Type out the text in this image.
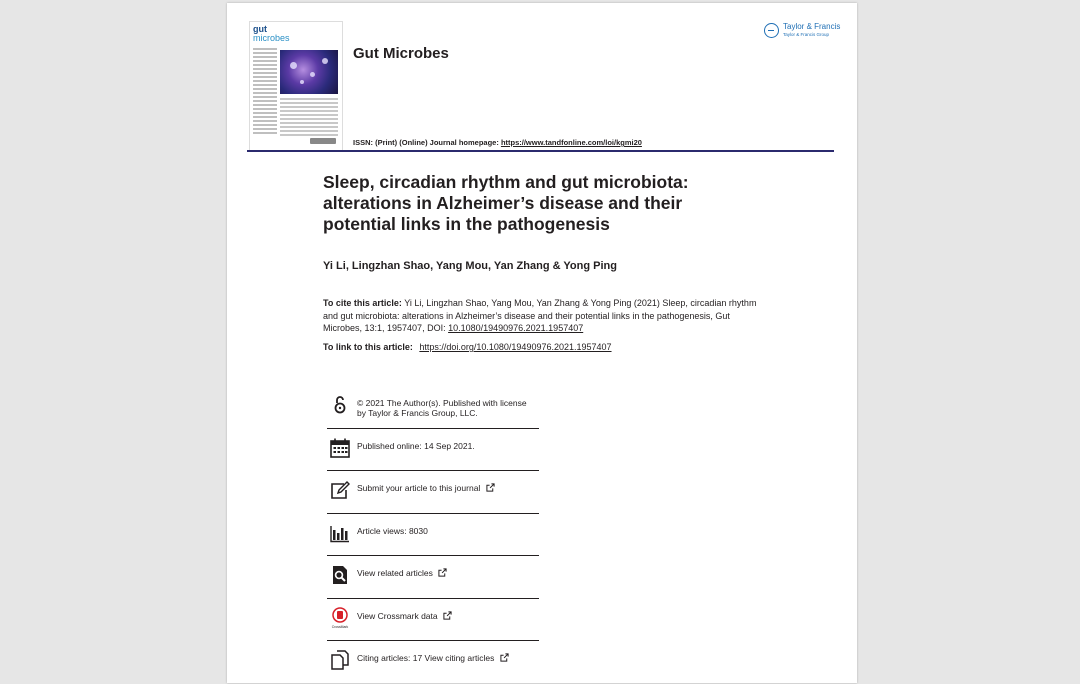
gut
microbes
Gut Microbes
Taylor & Francis
Taylor & Francis Group
ISSN: (Print) (Online) Journal homepage: https://www.tandfonline.com/loi/kgmi20
Sleep, circadian rhythm and gut microbiota: alterations in Alzheimer’s disease and their potential links in the pathogenesis
Yi Li, Lingzhan Shao, Yang Mou, Yan Zhang & Yong Ping
To cite this article: Yi Li, Lingzhan Shao, Yang Mou, Yan Zhang & Yong Ping (2021) Sleep, circadian rhythm and gut microbiota: alterations in Alzheimer’s disease and their potential links in the pathogenesis, Gut Microbes, 13:1, 1957407, DOI: 10.1080/19490976.2021.1957407
To link to this article: https://doi.org/10.1080/19490976.2021.1957407
© 2021 The Author(s). Published with license by Taylor & Francis Group, LLC.
Published online: 14 Sep 2021.
Submit your article to this journal
Article views: 8030
View related articles
CrossMark
View Crossmark data
Citing articles: 17 View citing articles
